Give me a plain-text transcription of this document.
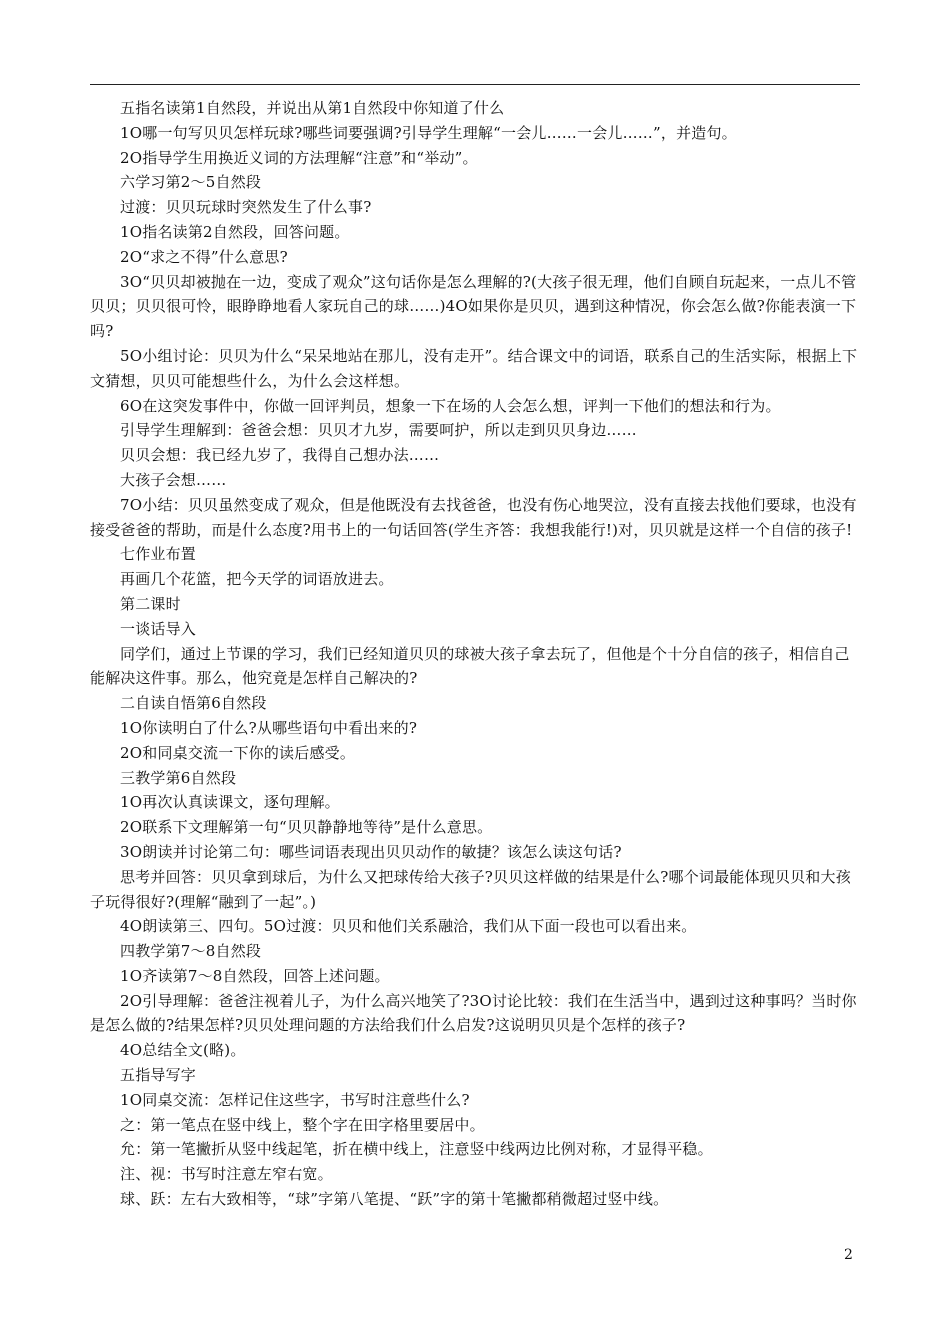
五指名读第1自然段，并说出从第1自然段中你知道了什么

1O哪一句写贝贝怎样玩球?哪些词要强调?引导学生理解“一会儿……一会儿……”，并造句。

2O指导学生用换近义词的方法理解“注意”和“举动”。

六学习第2～5自然段

过渡：贝贝玩球时突然发生了什么事?

1O指名读第2自然段，回答问题。

2O“求之不得”什么意思?

3O“贝贝却被抛在一边，变成了观众”这句话你是怎么理解的?(大孩子很无理，他们自顾自玩起来，一点儿不管贝贝；贝贝很可怜，眼睁睁地看人家玩自己的球……)4O如果你是贝贝，遇到这种情况，你会怎么做?你能表演一下吗?

5O小组讨论：贝贝为什么“呆呆地站在那儿，没有走开”。结合课文中的词语，联系自己的生活实际，根据上下文猜想，贝贝可能想些什么，为什么会这样想。

6O在这突发事件中，你做一回评判员，想象一下在场的人会怎么想，评判一下他们的想法和行为。

引导学生理解到：爸爸会想：贝贝才九岁，需要呵护，所以走到贝贝身边……

贝贝会想：我已经九岁了，我得自己想办法……

大孩子会想……

7O小结：贝贝虽然变成了观众，但是他既没有去找爸爸，也没有伤心地哭泣，没有直接去找他们要球，也没有接受爸爸的帮助，而是什么态度?用书上的一句话回答(学生齐答：我想我能行!)对，贝贝就是这样一个自信的孩子!

七作业布置

再画几个花篮，把今天学的词语放进去。

第二课时

一谈话导入

同学们，通过上节课的学习，我们已经知道贝贝的球被大孩子拿去玩了，但他是个十分自信的孩子，相信自己能解决这件事。那么，他究竟是怎样自己解决的?

二自读自悟第6自然段

1O你读明白了什么?从哪些语句中看出来的?

2O和同桌交流一下你的读后感受。

三教学第6自然段

1O再次认真读课文，逐句理解。

2O联系下文理解第一句“贝贝静静地等待”是什么意思。

3O朗读并讨论第二句：哪些词语表现出贝贝动作的敏捷？该怎么读这句话?

思考并回答：贝贝拿到球后，为什么又把球传给大孩子?贝贝这样做的结果是什么?哪个词最能体现贝贝和大孩子玩得很好?(理解“融到了一起”。)

4O朗读第三、四句。5O过渡：贝贝和他们关系融洽，我们从下面一段也可以看出来。

四教学第7～8自然段

1O齐读第7～8自然段，回答上述问题。

2O引导理解：爸爸注视着儿子，为什么高兴地笑了?3O讨论比较：我们在生活当中，遇到过这种事吗？当时你是怎么做的?结果怎样?贝贝处理问题的方法给我们什么启发?这说明贝贝是个怎样的孩子?

4O总结全文(略)。

五指导写字

1O同桌交流：怎样记住这些字，书写时注意些什么?

之：第一笔点在竖中线上，整个字在田字格里要居中。

允：第一笔撇折从竖中线起笔，折在横中线上，注意竖中线两边比例对称，才显得平稳。

注、视：书写时注意左窄右宽。

球、跃：左右大致相等，“球”字第八笔提、“跃”字的第十笔撇都稍微超过竖中线。

2
